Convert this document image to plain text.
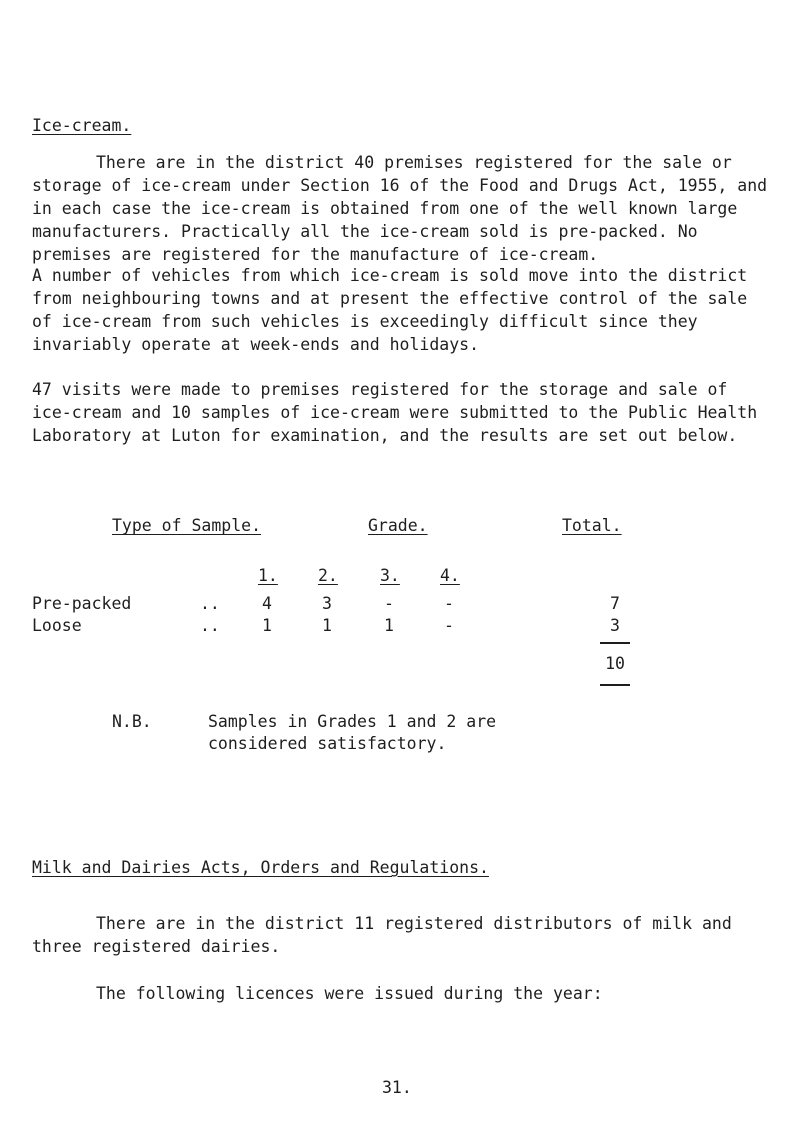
Ice-cream.
There are in the district 40 premises registered for the sale or storage of ice-cream under Section 16 of the Food and Drugs Act, 1955, and in each case the ice-cream is obtained from one of the well known large manufacturers. Practically all the ice-cream sold is pre-packed. No premises are registered for the manufacture of ice-cream.
A number of vehicles from which ice-cream is sold move into the district from neighbouring towns and at present the effective control of the sale of ice-cream from such vehicles is exceedingly difficult since they invariably operate at week-ends and holidays.
47 visits were made to premises registered for the storage and sale of ice-cream and 10 samples of ice-cream were submitted to the Public Health Laboratory at Luton for examination, and the results are set out below.
Type of Sample.	Grade.	Total.
1. 2.	3. 4.
Pre-packed	..	4	3	-	-	7
Loose	..	1	1	1	-	3
10
N.B.	Samples in Grades 1 and 2 are
considered satisfactory.
Milk and Dairies Acts, Orders and Regulations.
There are in the district 11 registered distributors of milk and three registered dairies.
The following licences were issued during the year:
31.
